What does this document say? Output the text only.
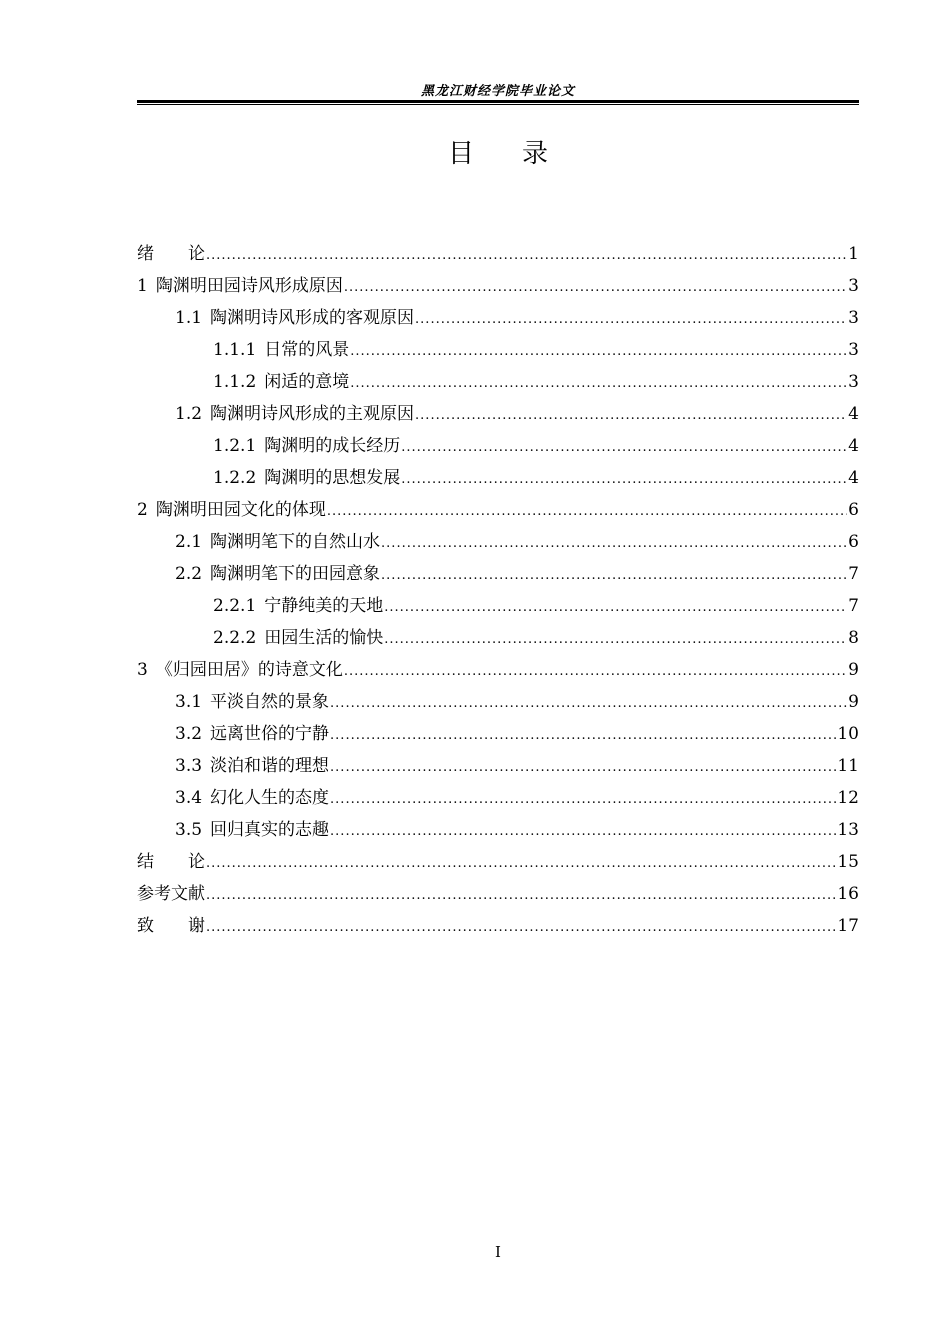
黑龙江财经学院毕业论文
目 录
绪　　论 .....	1
1 陶渊明田园诗风形成原因 .....	3
1.1 陶渊明诗风形成的客观原因 .....	3
1.1.1 日常的风景 .....	3
1.1.2 闲适的意境 .....	3
1.2 陶渊明诗风形成的主观原因 .....	4
1.2.1 陶渊明的成长经历 .....	4
1.2.2 陶渊明的思想发展 .....	4
2 陶渊明田园文化的体现 .....	6
2.1 陶渊明笔下的自然山水 .....	6
2.2 陶渊明笔下的田园意象 .....	7
2.2.1 宁静纯美的天地 .....	7
2.2.2 田园生活的愉快 .....	8
3 《归园田居》的诗意文化 .....	9
3.1 平淡自然的景象 .....	9
3.2 远离世俗的宁静 .....	10
3.3 淡泊和谐的理想 .....	11
3.4 幻化人生的态度 .....	12
3.5 回归真实的志趣 .....	13
结　　论 .....	15
参考文献 .....	16
致　　谢 .....	17
I
